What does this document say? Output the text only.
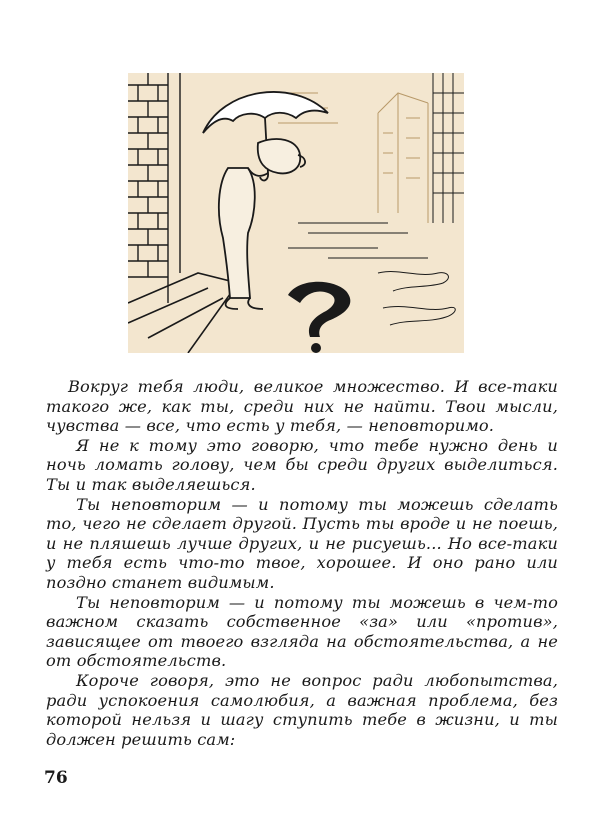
Вокруг тебя люди, великое множество. И все-таки такого же, как ты, среди них не найти. Твои мысли, чувства — все, что есть у тебя, — неповторимо.

Я не к тому это говорю, что тебе нужно день и ночь ломать голову, чем бы среди других выделиться. Ты и так выделяешься.

Ты неповторим — и потому ты можешь сделать то, чего не сделает другой. Пусть ты вроде и не поешь, и не пляшешь лучше других, и не рисуешь... Но все-таки у тебя есть что-то твое, хорошее. И оно рано или поздно станет видимым.

Ты неповторим — и потому ты можешь в чем-то важном сказать собственное «за» или «против», зависящее от твоего взгляда на обстоятельства, а не от обстоятельств.

Короче говоря, это не вопрос ради любопытства, ради успокоения самолюбия, а важная проблема, без которой нельзя и шагу ступить тебе в жизни, и ты должен решить сам:

76
